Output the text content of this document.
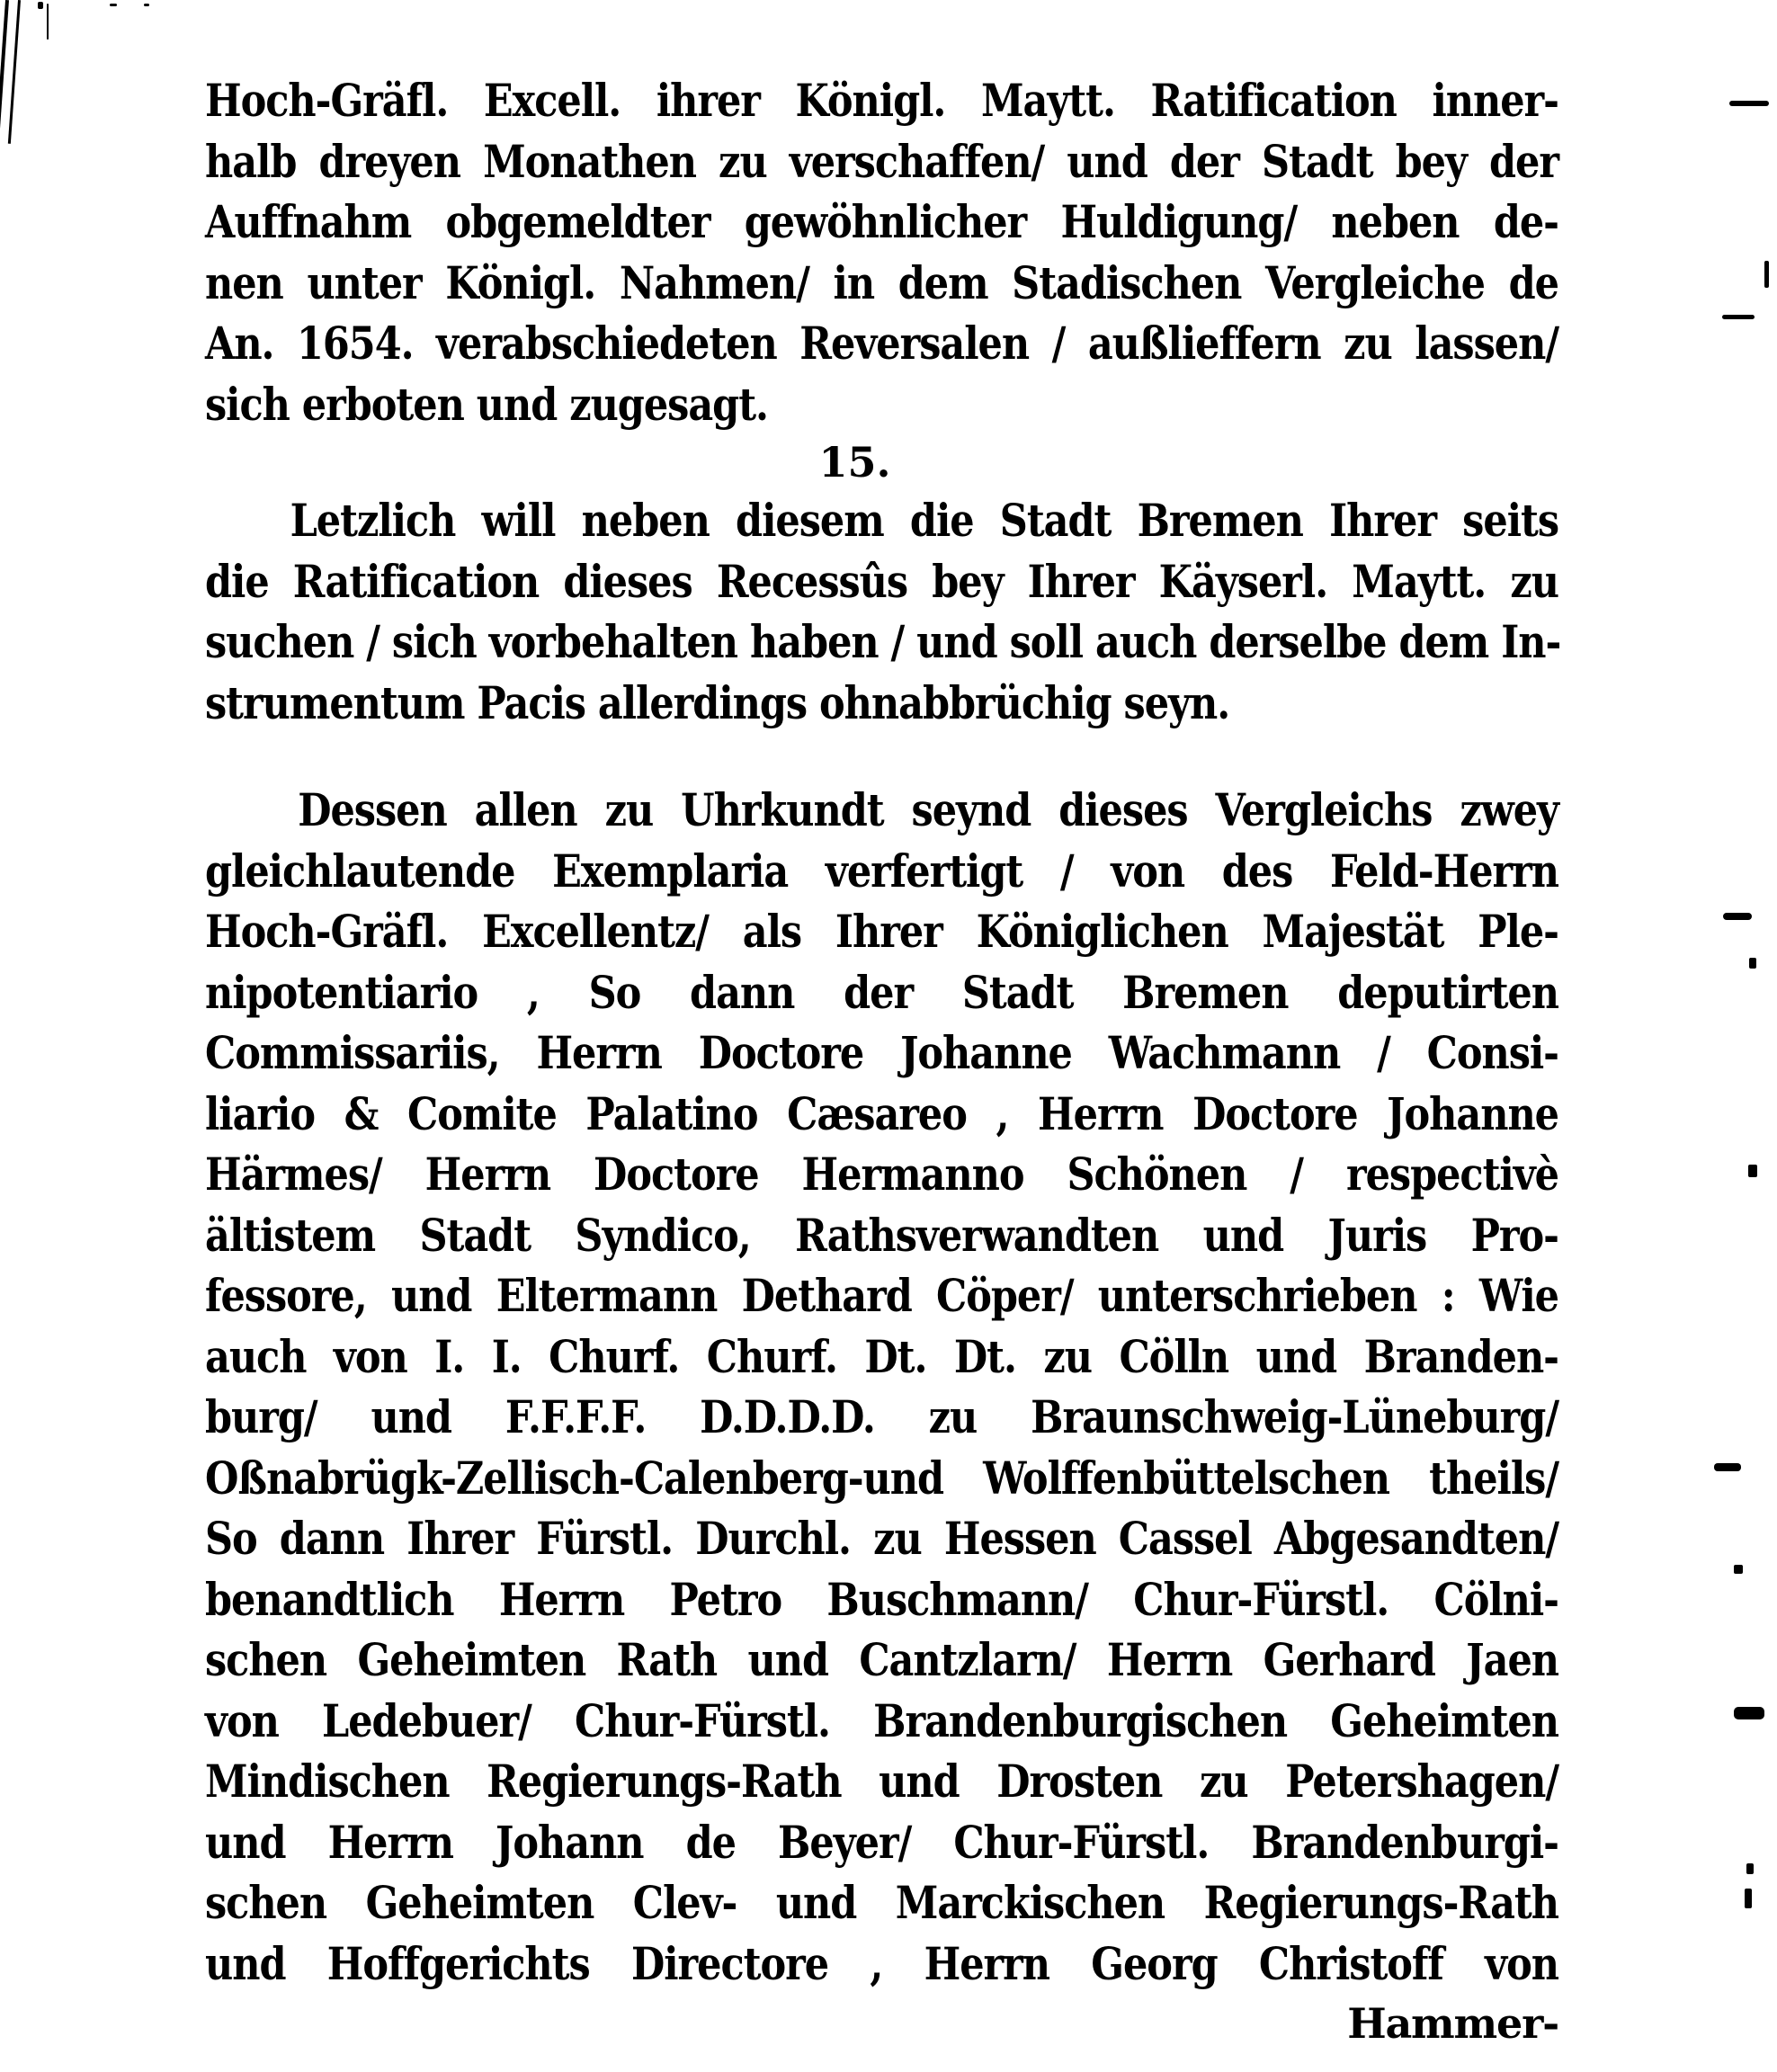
Hoch-Gräfl. Excell. ihrer Königl. Maytt. Ratification inner-
halb dreyen Monathen zu verschaffen/ und der Stadt bey der
Auffnahm obgemeldter gewöhnlicher Huldigung/ neben de-
nen unter Königl. Nahmen/ in dem Stadischen Vergleiche de
An. 1654. verabschiedeten Reversalen / außlieffern zu lassen/
sich erboten und zugesagt.
15.
Letzlich will neben diesem die Stadt Bremen Ihrer seits
die Ratification dieses Recessûs bey Ihrer Käyserl. Maytt. zu
suchen / sich vorbehalten haben / und soll auch derselbe dem In-
strumentum Pacis allerdings ohnabbrüchig seyn.
Dessen allen zu Uhrkundt seynd dieses Vergleichs zwey
gleichlautende Exemplaria verfertigt / von des Feld-Herrn
Hoch-Gräfl. Excellentz/ als Ihrer Königlichen Majestät Ple-
nipotentiario , So dann der Stadt Bremen deputirten
Commissariis, Herrn Doctore Johanne Wachmann / Consi-
liario & Comite Palatino Cæsareo , Herrn Doctore Johanne
Härmes/ Herrn Doctore Hermanno Schönen / respectivè
ältistem Stadt Syndico, Rathsverwandten und Juris Pro-
fessore, und Eltermann Dethard Cöper/ unterschrieben : Wie
auch von I. I. Churf. Churf. Dt. Dt. zu Cölln und Branden-
burg/ und F.F.F.F. D.D.D.D. zu Braunschweig-Lüneburg/
Oßnabrügk-Zellisch-Calenberg-und Wolffenbüttelschen theils/
So dann Ihrer Fürstl. Durchl. zu Hessen Cassel Abgesandten/
benandtlich Herrn Petro Buschmann/ Chur-Fürstl. Cölni-
schen Geheimten Rath und Cantzlarn/ Herrn Gerhard Jaen
von Ledebuer/ Chur-Fürstl. Brandenburgischen Geheimten
Mindischen Regierungs-Rath und Drosten zu Petershagen/
und Herrn Johann de Beyer/ Chur-Fürstl. Brandenburgi-
schen Geheimten Clev- und Marckischen Regierungs-Rath
und Hoffgerichts Directore , Herrn Georg Christoff von
Hammer-
